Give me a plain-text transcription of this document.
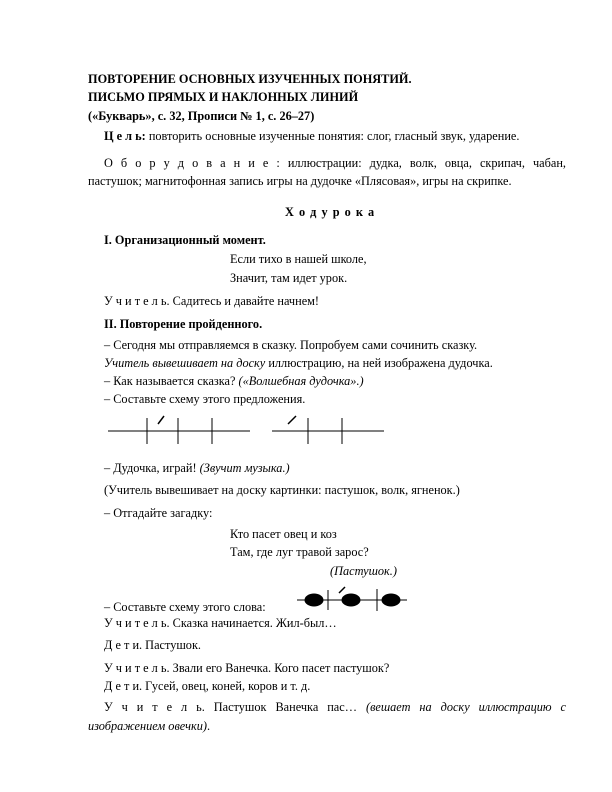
ПОВТОРЕНИЕ ОСНОВНЫХ ИЗУЧЕННЫХ ПОНЯТИЙ.
ПИСЬМО ПРЯМЫХ И НАКЛОННЫХ ЛИНИЙ
(«Букварь», с. 32, Прописи № 1, с. 26–27)
Ц е л ь: повторить основные изученные понятия: слог, гласный звук, ударение.
О б о р у д о в а н и е : иллюстрации: дудка, волк, овца, скрипач, чабан,
пастушок; магнитофонная запись игры на дудочке «Плясовая», игры на скрипке.
Х о д у р о к а
I. Организационный момент.
Если тихо в нашей школе,
Значит, там идет урок.
У ч и т е л ь. Садитесь и давайте начнем!
II. Повторение пройденного.
– Сегодня мы отправляемся в сказку. Попробуем сами сочинить сказку.
Учитель вывешивает на доску иллюстрацию, на ней изображена дудочка.
– Как называется сказка? («Волшебная дудочка».)
– Составьте схему этого предложения.
– Дудочка, играй! (Звучит музыка.)
(Учитель вывешивает на доску картинки: пастушок, волк, ягненок.)
– Отгадайте загадку:
Кто пасет овец и коз
Там, где луг травой зарос?
(Пастушок.)
– Составьте схему этого слова:
У ч и т е л ь. Сказка начинается. Жил-был…
Д е т и. Пастушок.
У ч и т е л ь. Звали его Ванечка. Кого пасет пастушок?
Д е т и. Гусей, овец, коней, коров и т. д.
У ч и т е л ь. Пастушок Ванечка пас… (вешает на доску иллюстрацию с
изображением овечки).
